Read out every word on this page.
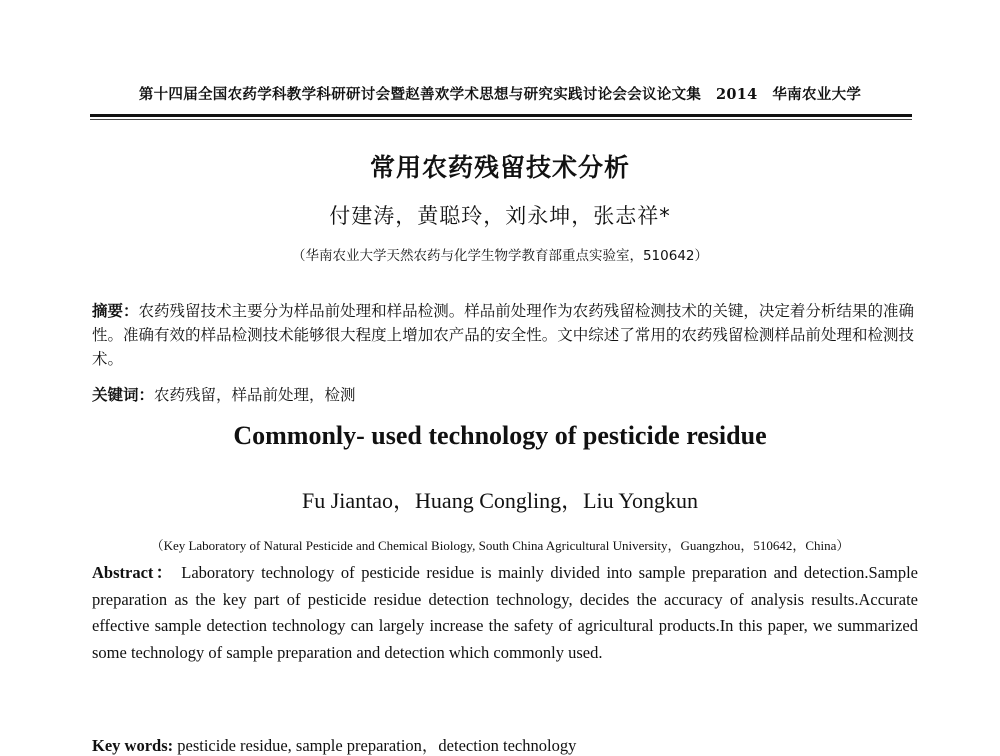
第十四届全国农药学科教学科研研讨会暨赵善欢学术思想与研究实践讨论会会议论文集　2014　华南农业大学
常用农药残留技术分析
付建涛，黄聪玲，刘永坤，张志祥*
（华南农业大学天然农药与化学生物学教育部重点实验室，510642）
摘要：农药残留技术主要分为样品前处理和样品检测。样品前处理作为农药残留检测技术的关键，决定着分析结果的准确性。准确有效的样品检测技术能够很大程度上增加农产品的安全性。文中综述了常用的农药残留检测样品前处理和检测技术。
关键词：农药残留，样品前处理，检测
Commonly- used technology of pesticide residue
Fu Jiantao，Huang Congling，Liu Yongkun
（Key Laboratory of Natural Pesticide and Chemical Biology, South China Agricultural University，Guangzhou，510642，China）
Abstract： Laboratory technology of pesticide residue is mainly divided into sample preparation and detection.Sample preparation as the key part of pesticide residue detection technology, decides the accuracy of analysis results.Accurate effective sample detection technology can largely increase the safety of agricultural products.In this paper, we summarized some technology of sample preparation and detection which commonly used.
Key words: pesticide residue, sample preparation，detection technology
